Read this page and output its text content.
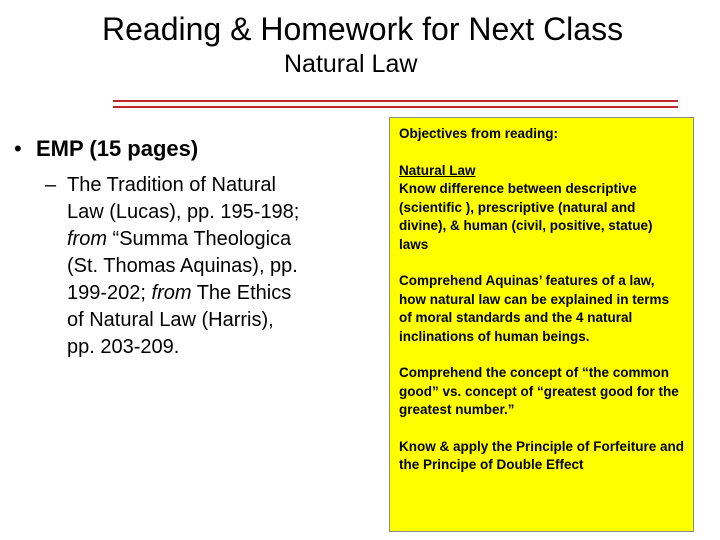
Reading & Homework for Next Class
Natural Law
• EMP (15 pages)
– The Tradition of Natural
Law (Lucas), pp. 195-198;
from “Summa Theologica
(St. Thomas Aquinas), pp.
199-202; from The Ethics
of Natural Law (Harris),
pp. 203-209.
Objectives from reading:
Natural Law
Know difference between descriptive (scientific ), prescriptive (natural and divine), & human (civil, positive, statue) laws
Comprehend Aquinas’ features of a law, how natural law can be explained in terms of moral standards and the 4 natural inclinations of human beings.
Comprehend the concept of “the common good” vs. concept of “greatest good for the greatest number.”
Know & apply the Principle of Forfeiture and the Principe of Double Effect
